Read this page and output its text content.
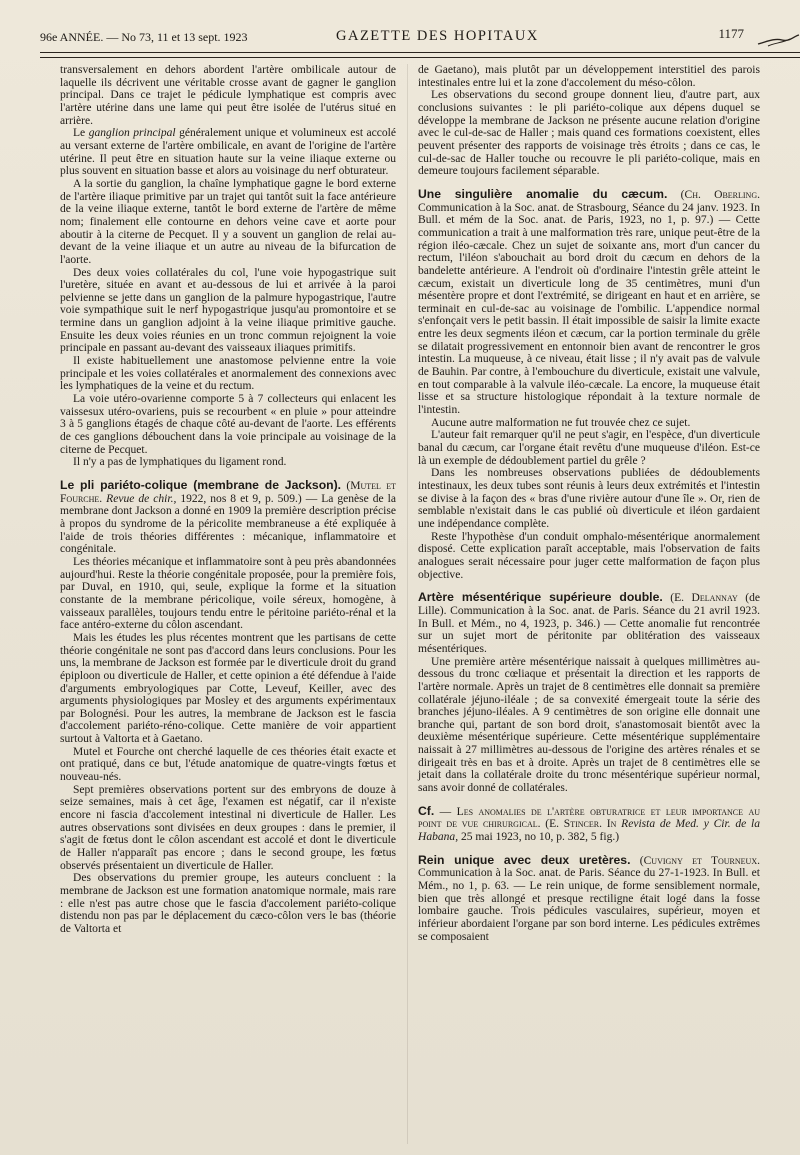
96e ANNÉE. — No 73, 11 et 13 sept. 1923	GAZETTE DES HOPITAUX	1177

transversalement en dehors abordent l'artère ombilicale autour de laquelle ils décrivent une véritable crosse avant de gagner le ganglion principal. Dans ce trajet le pédicule lymphatique est compris avec l'artère utérine dans une lame qui peut être isolée de l'utérus situé en arrière.

Le ganglion principal généralement unique et volumineux est accolé au versant externe de l'artère ombilicale, en avant de l'origine de l'artère utérine. Il peut être en situation haute sur la veine iliaque externe ou plus souvent en situation basse et alors au voisinage du nerf obturateur.

A la sortie du ganglion, la chaîne lymphatique gagne le bord externe de l'artère iliaque primitive par un trajet qui tantôt suit la face antérieure de la veine iliaque externe, tantôt le bord externe de l'artère de même nom; finalement elle contourne en dehors veine cave et aorte pour aboutir à la citerne de Pecquet. Il y a souvent un ganglion de relai au-devant de la veine iliaque et un autre au niveau de la bifurcation de l'aorte.

Des deux voies collatérales du col, l'une voie hypogastrique suit l'uretère, située en avant et au-dessous de lui et arrivée à la paroi pelvienne se jette dans un ganglion de la palmure hypogastrique, l'autre voie sympathique suit le nerf hypogastrique jusqu'au promontoire et se termine dans un ganglion adjoint à la veine iliaque primitive gauche. Ensuite les deux voies réunies en un tronc commun rejoignent la voie principale en passant au-devant des vaisseaux iliaques primitifs.

Il existe habituellement une anastomose pelvienne entre la voie principale et les voies collatérales et anormalement des connexions avec les lymphatiques de la veine et du rectum.

La voie utéro-ovarienne comporte 5 à 7 collecteurs qui enlacent les vaissesux utéro-ovariens, puis se recourbent « en pluie » pour atteindre 3 à 5 ganglions étagés de chaque côté au-devant de l'aorte. Les efférents de ces ganglions débouchent dans la voie principale au voisinage de la citerne de Pecquet.

Il n'y a pas de lymphatiques du ligament rond.

Le pli pariéto-colique (membrane de Jackson). (Mutel et Fourche. Revue de chir., 1922, nos 8 et 9, p. 509.) — La genèse de la membrane dont Jackson a donné en 1909 la première description précise à propos du syndrome de la péricolite membraneuse a été expliquée à l'aide de trois théories différentes : mécanique, inflammatoire et congénitale.

Les théories mécanique et inflammatoire sont à peu près abandonnées aujourd'hui. Reste la théorie congénitale proposée, pour la première fois, par Duval, en 1910, qui, seule, explique la forme et la situation constante de la membrane péricolique, voile séreux, homogène, à vaisseaux parallèles, toujours tendu entre le péritoine pariéto-rénal et la face antéro-externe du côlon ascendant.

Mais les études les plus récentes montrent que les partisans de cette théorie congénitale ne sont pas d'accord dans leurs conclusions. Pour les uns, la membrane de Jackson est formée par le diverticule droit du grand épiploon ou diverticule de Haller, et cette opinion a été défendue à l'aide d'arguments embryologiques par Cotte, Leveuf, Keiller, avec des arguments physiologiques par Mosley et des arguments expérimentaux par Bolognési. Pour les autres, la membrane de Jackson est le fascia d'accolement pariéto-réno-colique. Cette manière de voir appartient surtout à Valtorta et à Gaetano.

Mutel et Fourche ont cherché laquelle de ces théories était exacte et ont pratiqué, dans ce but, l'étude anatomique de quatre-vingts fœtus et nouveau-nés.

Sept premières observations portent sur des embryons de douze à seize semaines, mais à cet âge, l'examen est négatif, car il n'existe encore ni fascia d'accolement intestinal ni diverticule de Haller. Les autres observations sont divisées en deux groupes : dans le premier, il s'agit de fœtus dont le côlon ascendant est accolé et dont le diverticule de Haller n'apparaît pas encore ; dans le second groupe, les fœtus observés présentaient un diverticule de Haller.

Des observations du premier groupe, les auteurs concluent : la membrane de Jackson est une formation anatomique normale, mais rare : elle n'est pas autre chose que le fascia d'accolement pariéto-colique distendu non pas par le déplacement du cæco-côlon vers le bas (théorie de Valtorta et

de Gaetano), mais plutôt par un développement interstitiel des parois intestinales entre lui et la zone d'accolement du méso-côlon.

Les observations du second groupe donnent lieu, d'autre part, aux conclusions suivantes : le pli pariéto-colique aux dépens duquel se développe la membrane de Jackson ne présente aucune relation d'origine avec le cul-de-sac de Haller ; mais quand ces formations coexistent, elles peuvent présenter des rapports de voisinage très étroits ; dans ce cas, le cul-de-sac de Haller touche ou recouvre le pli pariéto-colique, mais en demeure toujours facilement séparable.

Une singulière anomalie du cæcum. (Ch. Oberling. Communication à la Soc. anat. de Strasbourg, Séance du 24 janv. 1923. In Bull. et mém de la Soc. anat. de Paris, 1923, no 1, p. 97.) — Cette communication a trait à une malformation très rare, unique peut-être de la région iléo-cæcale. Chez un sujet de soixante ans, mort d'un cancer du rectum, l'iléon s'abouchait au bord droit du cæcum en dehors de la bandelette antérieure. A l'endroit où d'ordinaire l'intestin grêle atteint le cæcum, existait un diverticule long de 35 centimètres, muni d'un mésentère propre et dont l'extrémité, se dirigeant en haut et en arrière, se terminait en cul-de-sac au voisinage de l'ombilic. L'appendice normal s'enfonçait vers le petit bassin. Il était impossible de saisir la limite exacte entre les deux segments iléon et cæcum, car la portion terminale du grêle se dilatait progressivement en entonnoir bien avant de rencontrer le gros intestin. La muqueuse, à ce niveau, était lisse ; il n'y avait pas de valvule de Bauhin. Par contre, à l'embouchure du diverticule, existait une valvule, en tout comparable à la valvule iléo-cæcale. La encore, la muqueuse était lisse et sa structure histologique répondait à la texture normale de l'intestin.

Aucune autre malformation ne fut trouvée chez ce sujet.

L'auteur fait remarquer qu'il ne peut s'agir, en l'espèce, d'un diverticule banal du cæcum, car l'organe était revêtu d'une muqueuse d'iléon. Est-ce là un exemple de dédoublement partiel du grêle ?

Dans les nombreuses observations publiées de dédoublements intestinaux, les deux tubes sont réunis à leurs deux extrémités et l'intestin se divise à la façon des « bras d'une rivière autour d'une île ». Or, rien de semblable n'existait dans le cas publié où diverticule et iléon gardaient une indépendance complète.

Reste l'hypothèse d'un conduit omphalo-mésentérique anormalement disposé. Cette explication paraît acceptable, mais l'observation de faits analogues serait nécessaire pour juger cette malformation de façon plus objective.

Artère mésentérique supérieure double. (E. Delannay (de Lille). Communication à la Soc. anat. de Paris. Séance du 21 avril 1923. In Bull. et Mém., no 4, 1923, p. 346.) — Cette anomalie fut rencontrée sur un sujet mort de péritonite par oblitération des vaisseaux mésentériques.

Une première artère mésentérique naissait à quelques millimètres au-dessous du tronc cœliaque et présentait la direction et les rapports de l'artère normale. Après un trajet de 8 centimètres elle donnait sa première collatérale jéjuno-iléale ; de sa convexité émergeait toute la série des branches jéjuno-iléales. A 9 centimètres de son origine elle donnait une branche qui, partant de son bord droit, s'anastomosait bientôt avec la deuxième mésentérique supérieure. Cette mésentérique supplémentaire naissait à 27 millimètres au-dessous de l'origine des artères rénales et se dirigeait très en bas et à droite. Après un trajet de 8 centimètres elle se jetait dans la collatérale droite du tronc mésentérique supérieur normal, sans avoir donné de collatérales.

Cf. — Les anomalies de l'artère obturatrice et leur importance au point de vue chirurgical. (E. Stincer. In Revista de Med. y Cir. de la Habana, 25 mai 1923, no 10, p. 382, 5 fig.)

Rein unique avec deux uretères. (Cuvigny et Tourneux. Communication à la Soc. anat. de Paris. Séance du 27-1-1923. In Bull. et Mém., no 1, p. 63. — Le rein unique, de forme sensiblement normale, bien que très allongé et presque rectiligne était logé dans la fosse lombaire gauche. Trois pédicules vasculaires, supérieur, moyen et inférieur abordaient l'organe par son bord interne. Les pédicules extrêmes se composaient
